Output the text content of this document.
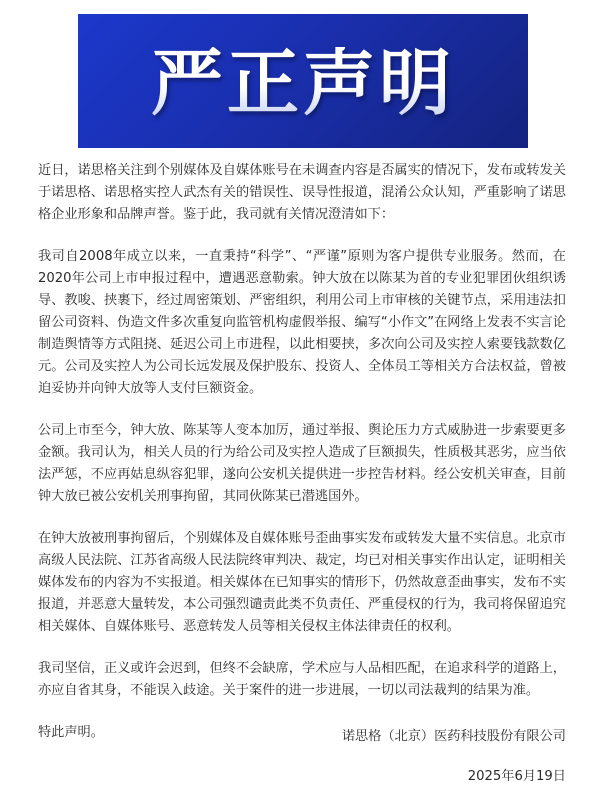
严正声明

近日，诺思格关注到个别媒体及自媒体账号在未调查内容是否属实的情况下，发布或转发关于诺思格、诺思格实控人武杰有关的错误性、误导性报道，混淆公众认知，严重影响了诺思格企业形象和品牌声誉。鉴于此，我司就有关情况澄清如下：

我司自2008年成立以来，一直秉持“科学”、“严谨”原则为客户提供专业服务。然而，在2020年公司上市申报过程中，遭遇恶意勒索。钟大放在以陈某为首的专业犯罪团伙组织诱导、教唆、挟裹下，经过周密策划、严密组织，利用公司上市审核的关键节点，采用违法扣留公司资料、伪造文件多次重复向监管机构虚假举报、编写“小作文”在网络上发表不实言论制造舆情等方式阻挠、延迟公司上市进程，以此相要挟，多次向公司及实控人索要钱款数亿元。公司及实控人为公司长远发展及保护股东、投资人、全体员工等相关方合法权益，曾被迫妥协并向钟大放等人支付巨额资金。

公司上市至今，钟大放、陈某等人变本加厉，通过举报、舆论压力方式威胁进一步索要更多金额。我司认为，相关人员的行为给公司及实控人造成了巨额损失，性质极其恶劣，应当依法严惩，不应再姑息纵容犯罪，遂向公安机关提供进一步控告材料。经公安机关审查，目前钟大放已被公安机关刑事拘留，其同伙陈某已潜逃国外。

在钟大放被刑事拘留后，个别媒体及自媒体账号歪曲事实发布或转发大量不实信息。北京市高级人民法院、江苏省高级人民法院终审判决、裁定，均已对相关事实作出认定，证明相关媒体发布的内容为不实报道。相关媒体在已知事实的情形下，仍然故意歪曲事实，发布不实报道，并恶意大量转发，本公司强烈谴责此类不负责任、严重侵权的行为，我司将保留追究相关媒体、自媒体账号、恶意转发人员等相关侵权主体法律责任的权利。

我司坚信，正义或许会迟到，但终不会缺席，学术应与人品相匹配，在追求科学的道路上，亦应自省其身，不能误入歧途。关于案件的进一步进展，一切以司法裁判的结果为准。

特此声明。	诺思格（北京）医药科技股份有限公司
2025年6月19日
